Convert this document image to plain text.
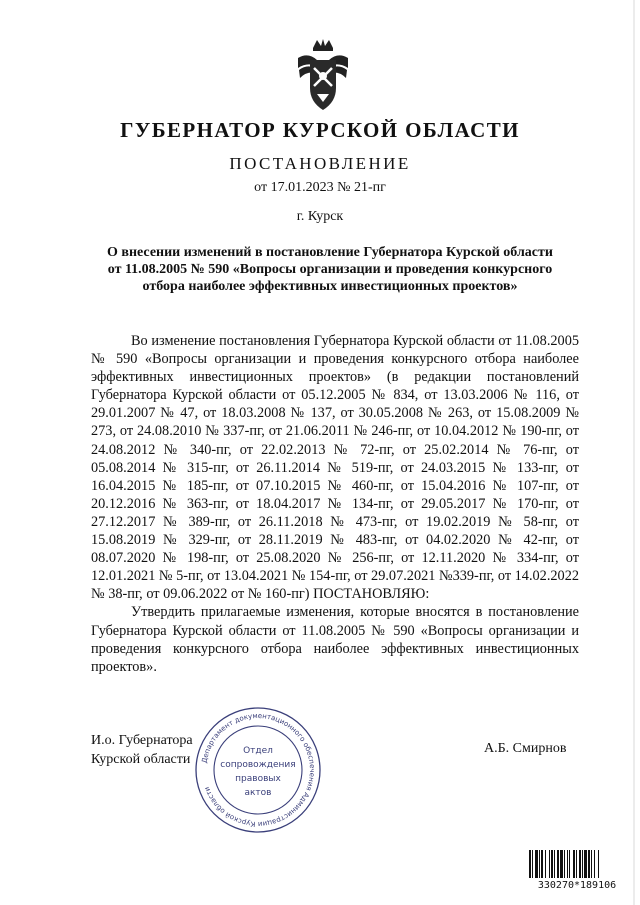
ГУБЕРНАТОР КУРСКОЙ ОБЛАСТИ
ПОСТАНОВЛЕНИЕ
от 17.01.2023 № 21-пг
г. Курск
О внесении изменений в постановление Губернатора Курской области
от 11.08.2005 № 590 «Вопросы организации и проведения конкурсного
отбора наиболее эффективных инвестиционных проектов»

Во изменение постановления Губернатора Курской области от 11.08.2005 № 590 «Вопросы организации и проведения конкурсного отбора наиболее эффективных инвестиционных проектов» (в редакции постановлений Губернатора Курской области от 05.12.2005 № 834, от 13.03.2006 № 116, от 29.01.2007 № 47, от 18.03.2008 № 137, от 30.05.2008 № 263, от 15.08.2009 № 273, от 24.08.2010 № 337-пг, от 21.06.2011 № 246-пг, от 10.04.2012 № 190-пг, от 24.08.2012 № 340-пг, от 22.02.2013 № 72-пг, от 25.02.2014 № 76-пг, от 05.08.2014 № 315-пг, от 26.11.2014 № 519-пг, от 24.03.2015 № 133-пг, от 16.04.2015 № 185-пг, от 07.10.2015 № 460-пг, от 15.04.2016 № 107-пг, от 20.12.2016 № 363-пг, от 18.04.2017 № 134-пг, от 29.05.2017 № 170-пг, от 27.12.2017 № 389-пг, от 26.11.2018 № 473-пг, от 19.02.2019 № 58-пг, от 15.08.2019 № 329-пг, от 28.11.2019 № 483-пг, от 04.02.2020 № 42-пг, от 08.07.2020 № 198-пг, от 25.08.2020 № 256-пг, от 12.11.2020 № 334-пг, от 12.01.2021 № 5-пг, от 13.04.2021 № 154-пг, от 29.07.2021 №339-пг, от 14.02.2022 № 38-пг, от 09.06.2022 от № 160-пг) ПОСТАНОВЛЯЮ:

Утвердить прилагаемые изменения, которые вносятся в постановление Губернатора Курской области от 11.08.2005 № 590 «Вопросы организации и проведения конкурсного отбора наиболее эффективных инвестиционных проектов».

И.о. Губернатора
Курской области
А.Б. Смирнов
Департамент документационного обеспечения Администрации Курской области
Отдел
сопровождения
правовых
актов
330270*189106
